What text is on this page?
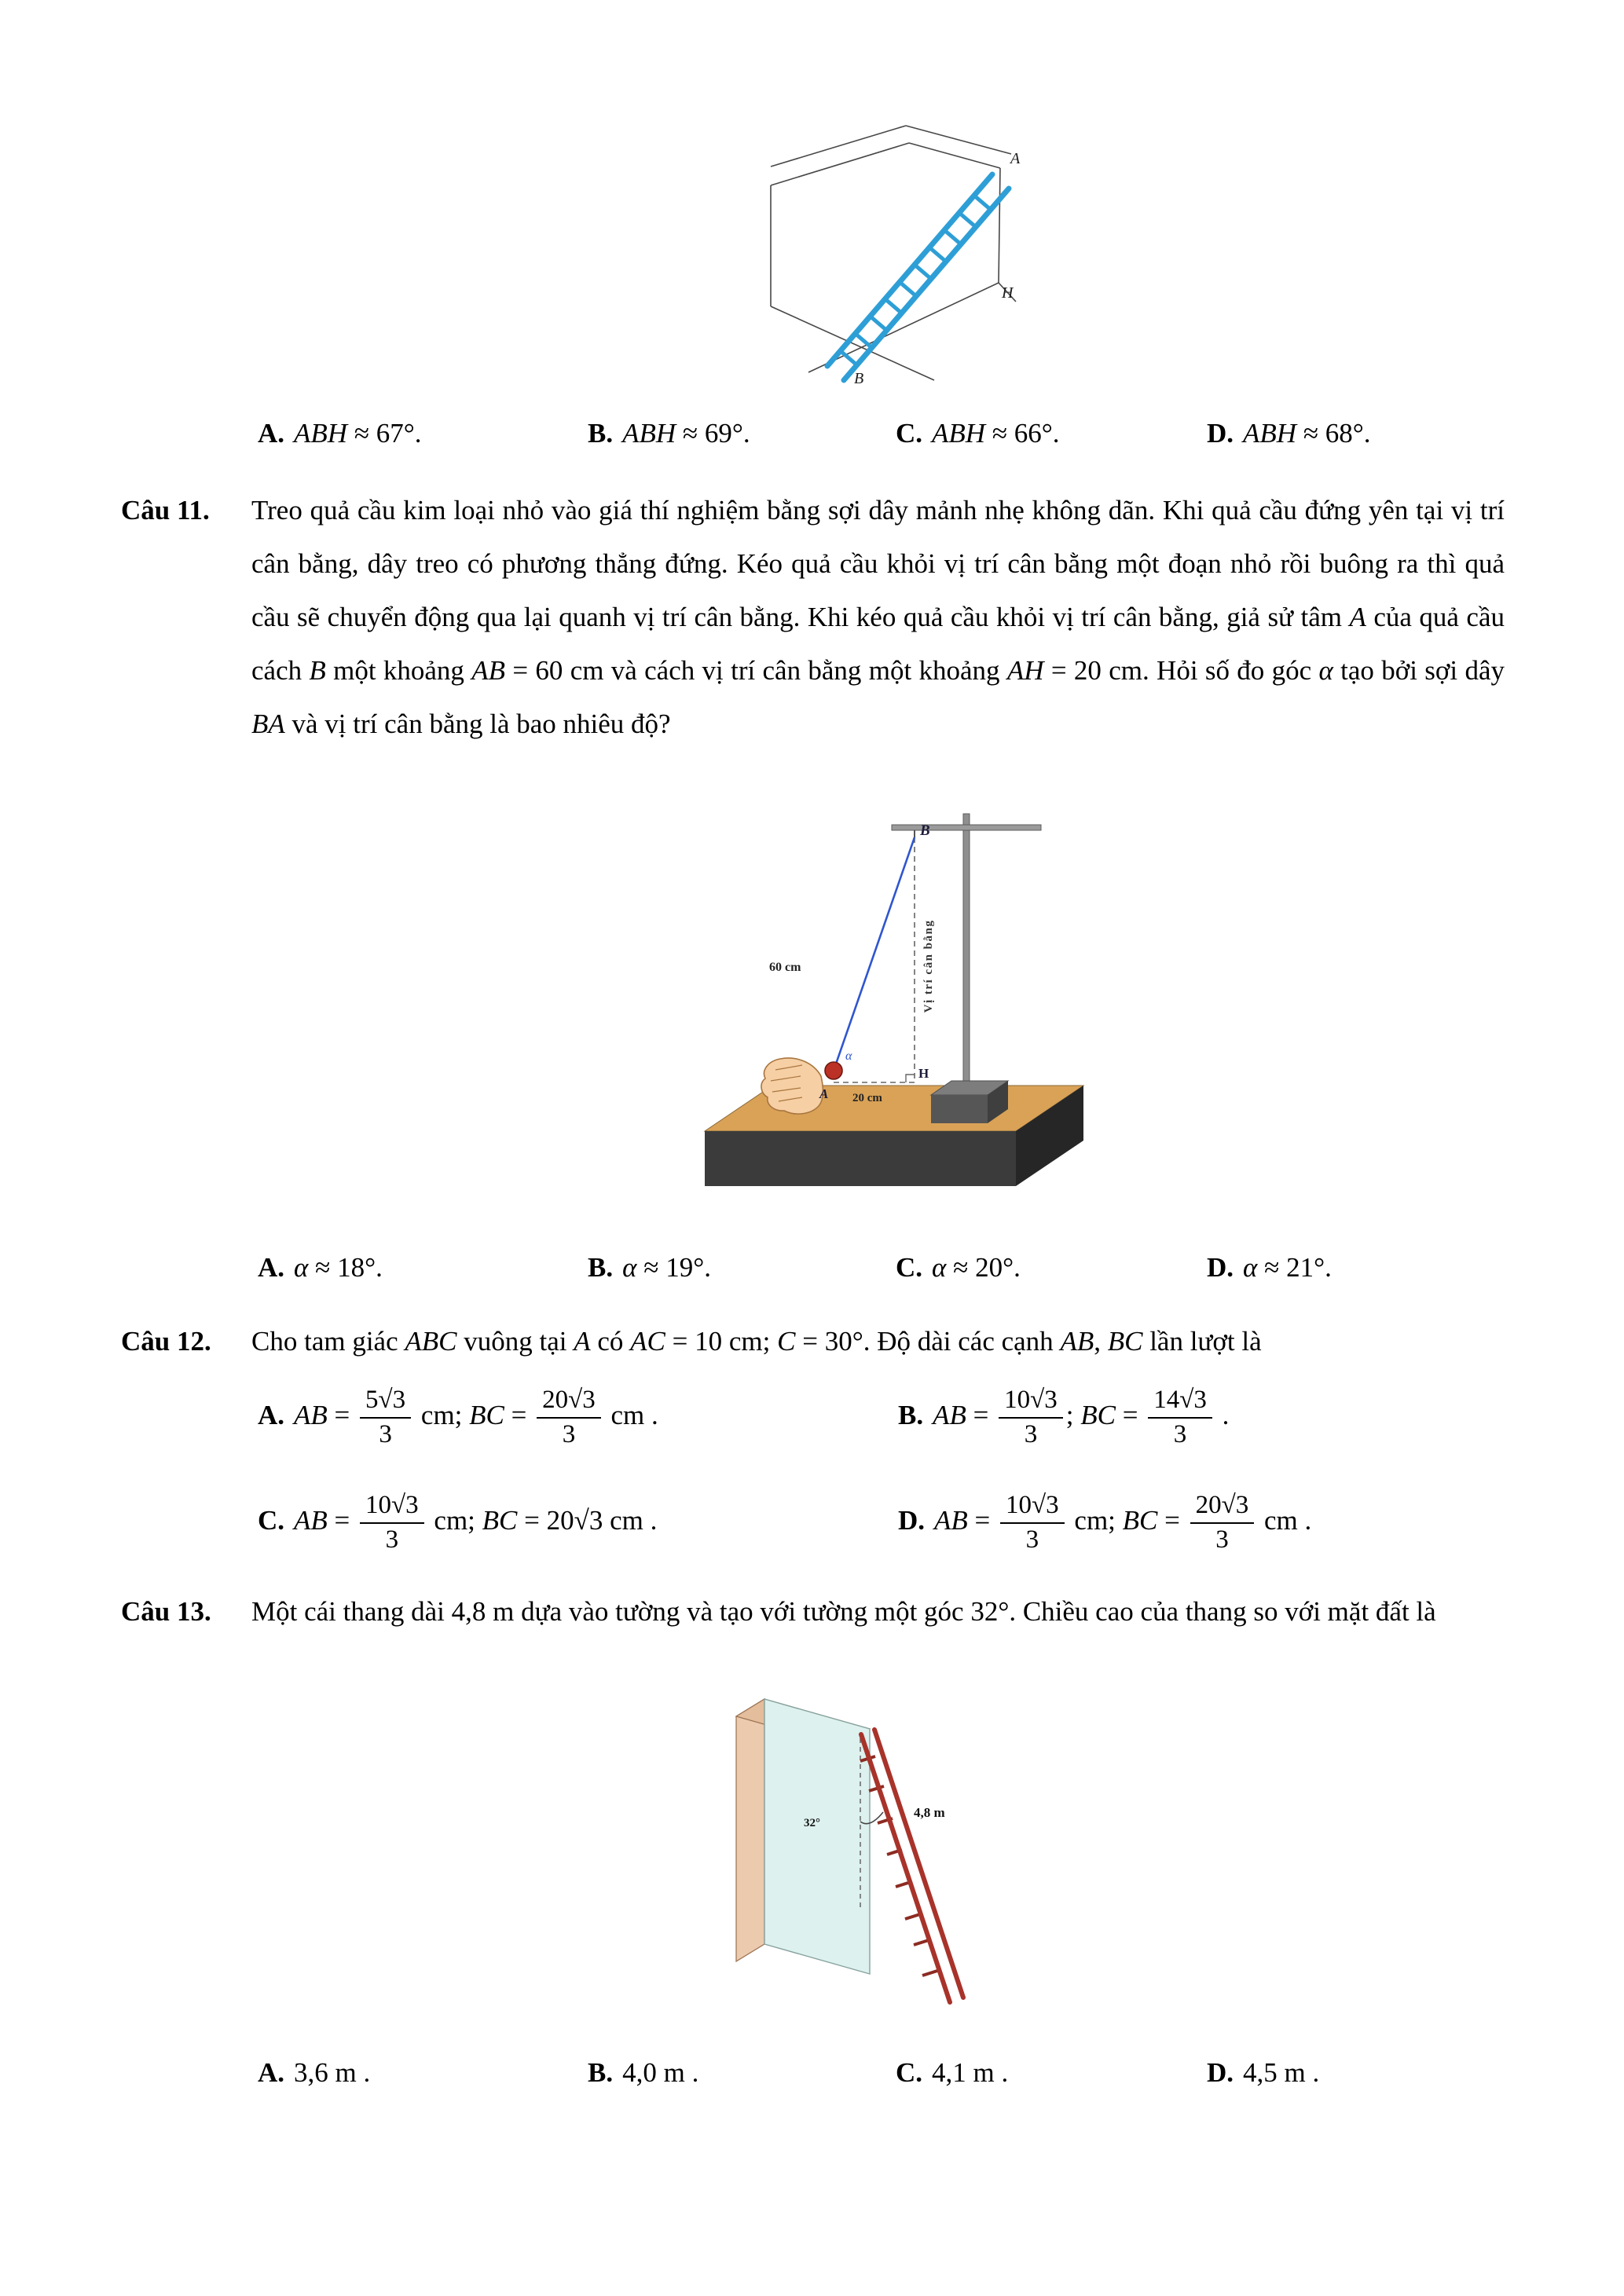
A
H
B
A. ABH ≈ 67°.	B. ABH ≈ 69°.	C. ABH ≈ 66°.	D. ABH ≈ 68°.
Câu 11. Treo quả cầu kim loại nhỏ vào giá thí nghiệm bằng sợi dây mảnh nhẹ không dãn. Khi quả cầu đứng yên tại vị trí cân bằng, dây treo có phương thẳng đứng. Kéo quả cầu khỏi vị trí cân bằng một đoạn nhỏ rồi buông ra thì quả cầu sẽ chuyển động qua lại quanh vị trí cân bằng. Khi kéo quả cầu khỏi vị trí cân bằng, giả sử tâm A của quả cầu cách B một khoảng AB = 60 cm và cách vị trí cân bằng một khoảng AH = 20 cm. Hỏi số đo góc α tạo bởi sợi dây BA và vị trí cân bằng là bao nhiêu độ?
B
60 cm	Vị trí cân bằng
H
A 20 cm
α
A. α ≈ 18°.	B. α ≈ 19°.	C. α ≈ 20°.	D. α ≈ 21°.
Câu 12. Cho tam giác ABC vuông tại A có AC = 10 cm; C = 30°. Độ dài các cạnh AB, BC lần lượt là
A. AB = $\frac{5√3}{3}$ cm; BC = $\frac{20√3}{3}$ cm .	B. AB = $\frac{10√3}{3}$ ; BC = $\frac{14√3}{3}$ .
C. AB = $\frac{10√3}{3}$ cm; BC = 20√3 cm .	D. AB = $\frac{10√3}{3}$ cm; BC = $\frac{20√3}{3}$ cm .
Câu 13. Một cái thang dài 4,8 m dựa vào tường và tạo với tường một góc 32°. Chiều cao của thang so với mặt đất là
32°
4,8 m
A. 3,6 m .	B. 4,0 m .	C. 4,1 m .	D. 4,5 m .
